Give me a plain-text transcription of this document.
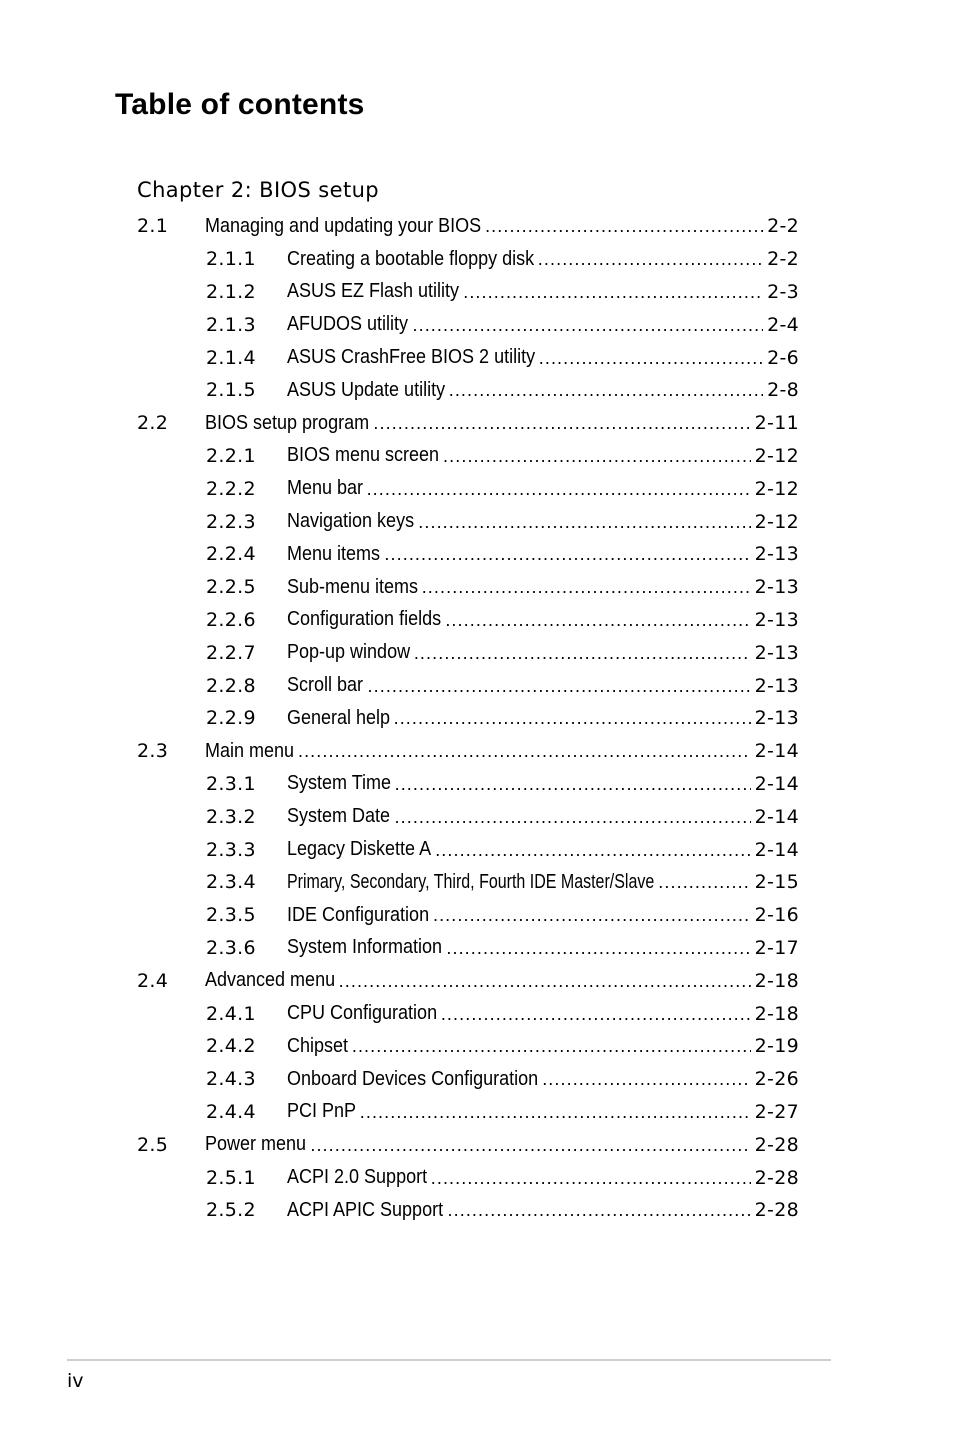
Table of contents
Chapter 2: BIOS setup
2.1	Managing and updating your BIOS .....	2-2
2.1.1	Creating a bootable floppy disk .....	2-2
2.1.2	ASUS EZ Flash utility .....	2-3
2.1.3	AFUDOS utility .....	2-4
2.1.4	ASUS CrashFree BIOS 2 utility .....	2-6
2.1.5	ASUS Update utility .....	2-8
2.2	BIOS setup program .....	2-11
2.2.1	BIOS menu screen .....	2-12
2.2.2	Menu bar .....	2-12
2.2.3	Navigation keys .....	2-12
2.2.4	Menu items .....	2-13
2.2.5	Sub-menu items .....	2-13
2.2.6	Configuration fields .....	2-13
2.2.7	Pop-up window .....	2-13
2.2.8	Scroll bar .....	2-13
2.2.9	General help .....	2-13
2.3	Main menu .....	2-14
2.3.1	System Time .....	2-14
2.3.2	System Date .....	2-14
2.3.3	Legacy Diskette A .....	2-14
2.3.4	Primary, Secondary, Third, Fourth IDE Master/Slave .....	2-15
2.3.5	IDE Configuration .....	2-16
2.3.6	System Information .....	2-17
2.4	Advanced menu .....	2-18
2.4.1	CPU Configuration .....	2-18
2.4.2	Chipset .....	2-19
2.4.3	Onboard Devices Configuration .....	2-26
2.4.4	PCI PnP .....	2-27
2.5	Power menu .....	2-28
2.5.1	ACPI 2.0 Support .....	2-28
2.5.2	ACPI APIC Support .....	2-28
iv
